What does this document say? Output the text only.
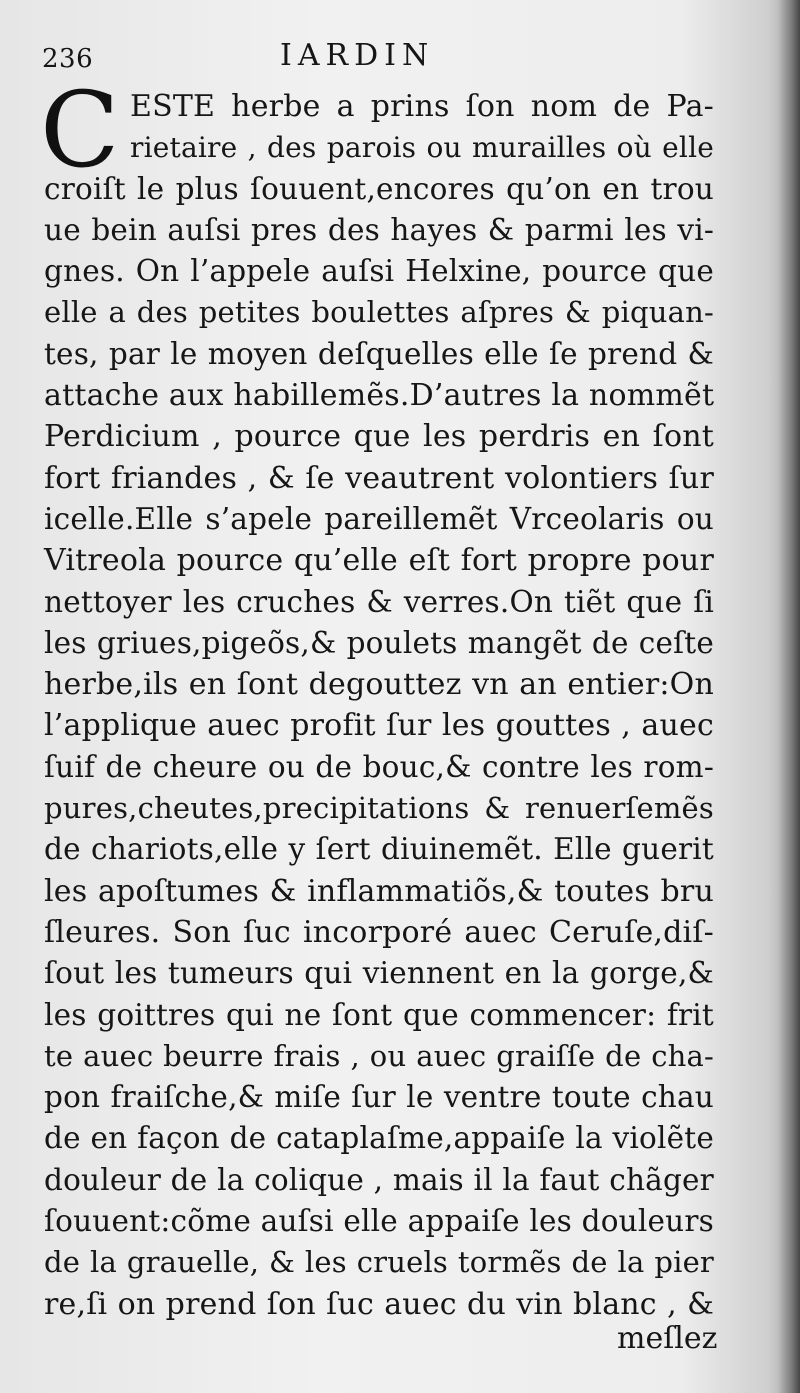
236	IARDIN
C ESTE herbe a prins ſon nom de Pa-
rietaire , des parois ou murailles où elle
croiſt le plus ſouuent,encores qu’on en trou
ue bein auſsi pres des hayes & parmi les vi-
gnes. On l’appele auſsi Helxine, pource que
elle a des petites boulettes aſpres & piquan-
tes, par le moyen deſquelles elle ſe prend &
attache aux habillemẽs.D’autres la nommẽt
Perdicium , pource que les perdris en ſont
fort friandes , & ſe veautrent volontiers ſur
icelle.Elle s’apele pareillemẽt Vrceolaris ou
Vitreola pource qu’elle eſt fort propre pour
nettoyer les cruches & verres.On tiẽt que ſi
les griues,pigeõs,& poulets mangẽt de ceſte
herbe,ils en ſont degouttez vn an entier:On
l’applique auec profit ſur les gouttes , auec
ſuif de cheure ou de bouc,& contre les rom-
pures,cheutes,precipitations & renuerſemẽs
de chariots,elle y ſert diuinemẽt. Elle guerit
les apoſtumes & inflammatiõs,& toutes bru
ſleures. Son ſuc incorporé auec Ceruſe,diſ-
ſout les tumeurs qui viennent en la gorge,&
les goittres qui ne ſont que commencer: frit
te auec beurre frais , ou auec graiſſe de cha-
pon fraiſche,& miſe ſur le ventre toute chau
de en façon de cataplaſme,appaiſe la violẽte
douleur de la colique , mais il la faut chãger
ſouuent:cõme auſsi elle appaiſe les douleurs
de la grauelle, & les cruels tormẽs de la pier
re,ſi on prend ſon ſuc auec du vin blanc , &
meſlez
